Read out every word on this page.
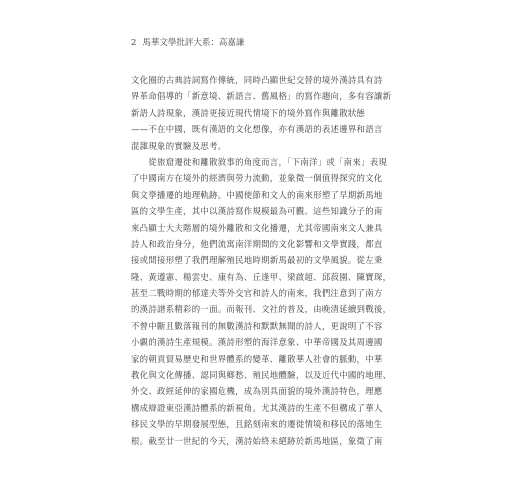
2 馬華文學批評大系：高嘉謙
文化圈的古典詩詞寫作傳統，同時凸顯世紀交替的境外漢詩具有詩
界革命倡導的「新意境、新語言、舊風格」的寫作趨向，多有容讓新
新語人詩現象，漢詩更接近現代情境下的境外寫作與離散狀態
——不在中國，既有漢語的文化想像，亦有漢語的表述邊界和語言
混雜現象的實驗及思考。
　　從旅窟遷徙和離散敘事的角度而言，「下南洋」或「南來」表現
了中國南方在境外的經濟與勞力流動，並象徵一個值得探究的文化
與文學播遷的地理軌跡。中國使節和文人的南來形塑了早期新馬地
區的文學生產，其中以漢詩寫作規模最為可觀。這些知識分子的南
來凸顯士大夫階層的境外離散和文化播遷，尤其帝國南來文人兼具
詩人和政治身分，他們流寓南洋期間的文化影響和文學實踐，都直
接或間接形塑了我們理解殖民地時期新馬最初的文學風貌。從左秉
隆、黃遵憲、楊雲史、康有為、丘逢甲、梁啟超、邱菽園、陳寶琛，
甚至二戰時期的郁達夫等外交官和詩人的南來，我們注意到了南方
的漢詩譜系精彩的一面。而報刊、文社的普及，由晚清延續到戰後，
不曾中斷且數落報刊的無數漢詩和默默無聞的詩人，更說明了不容
小覷的漢詩生產規模。漢詩形塑的海洋意象、中華帝國及其周邊國
家的朝貢貿易歷史和世界體系的變革、離散華人社會的脈動，中華
教化與文化傳播、認同與鄉愁、殖民地體驗，以及近代中國的地理、
外交、政經延伸的家國危機，成為別具面貌的境外漢詩特色，理應
構成辯證東亞漢詩體系的新視角。尤其漢詩的生產不但構成了華人
移民文學的早期發展型態，且銘刻南來的遷徙情境和移民的落地生
根。截至廿一世紀的今天，漢詩始終未絕跡於新馬地區，象徵了南
